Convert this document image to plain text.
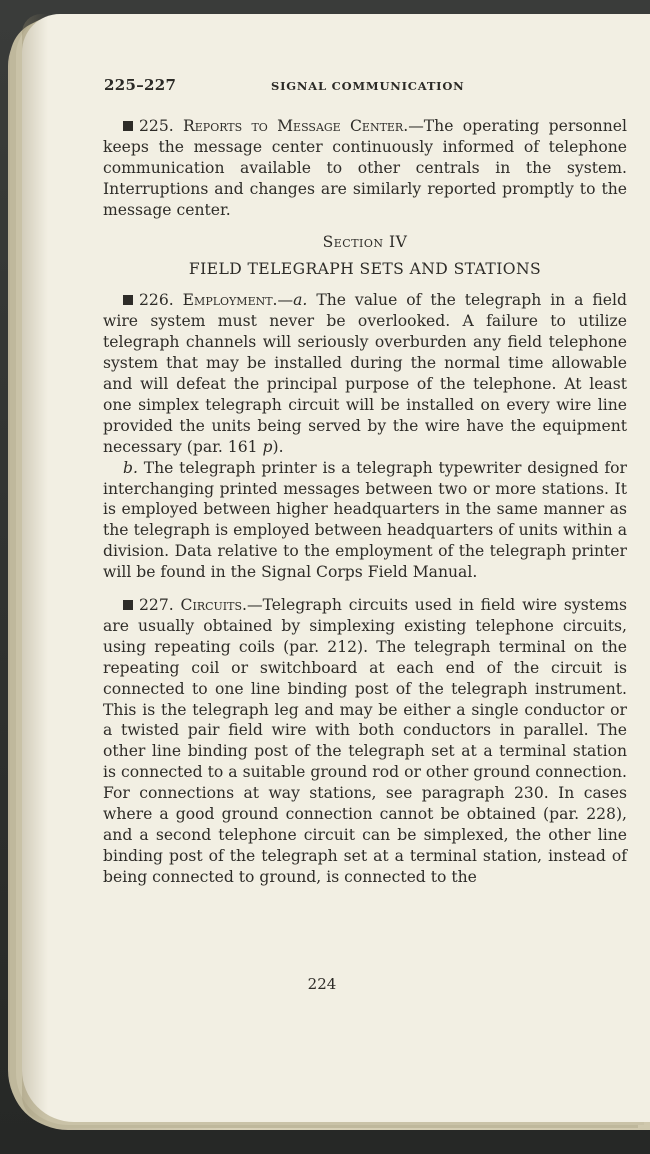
225–227	SIGNAL COMMUNICATION

225. Reports to Message Center.—The operating personnel keeps the message center continuously informed of telephone communication available to other centrals in the system. Interruptions and changes are similarly reported promptly to the message center.

Section IV
FIELD TELEGRAPH SETS AND STATIONS

226. Employment.—a. The value of the telegraph in a field wire system must never be overlooked. A failure to utilize telegraph channels will seriously overburden any field telephone system that may be installed during the normal time allowable and will defeat the principal purpose of the telephone. At least one simplex telegraph circuit will be installed on every wire line provided the units being served by the wire have the equipment necessary (par. 161 p).

b. The telegraph printer is a telegraph typewriter designed for interchanging printed messages between two or more stations. It is employed between higher headquarters in the same manner as the telegraph is employed between headquarters of units within a division. Data relative to the employment of the telegraph printer will be found in the Signal Corps Field Manual.

227. Circuits.—Telegraph circuits used in field wire systems are usually obtained by simplexing existing telephone circuits, using repeating coils (par. 212). The telegraph terminal on the repeating coil or switchboard at each end of the circuit is connected to one line binding post of the telegraph instrument. This is the telegraph leg and may be either a single conductor or a twisted pair field wire with both conductors in parallel. The other line binding post of the telegraph set at a terminal station is connected to a suitable ground rod or other ground connection. For connections at way stations, see paragraph 230. In cases where a good ground connection cannot be obtained (par. 228), and a second telephone circuit can be simplexed, the other line binding post of the telegraph set at a terminal station, instead of being connected to ground, is connected to the

224
